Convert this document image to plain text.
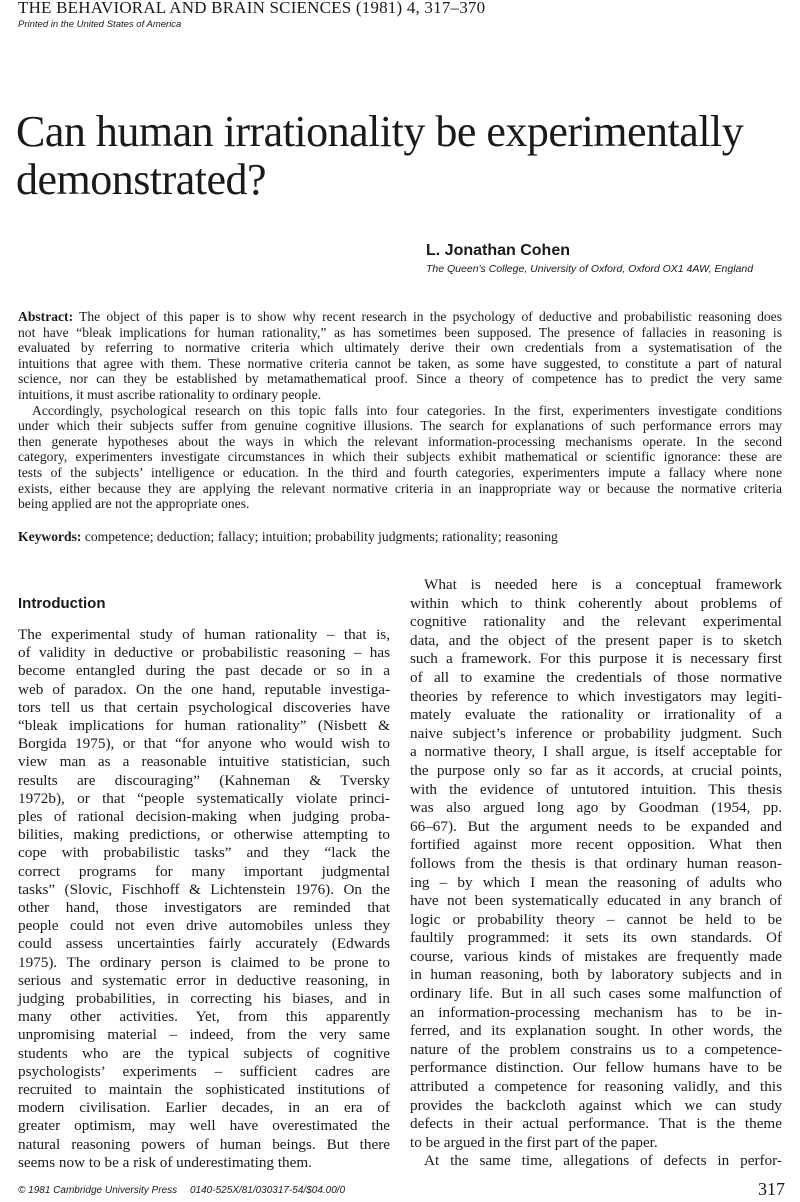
THE BEHAVIORAL AND BRAIN SCIENCES (1981) 4, 317–370
Printed in the United States of America
Can human irrationality be experimentally demonstrated?
L. Jonathan Cohen
The Queen's College, University of Oxford, Oxford OX1 4AW, England
Abstract: The object of this paper is to show why recent research in the psychology of deductive and probabilistic reasoning does
not have “bleak implications for human rationality,” as has sometimes been supposed. The presence of fallacies in reasoning is
evaluated by referring to normative criteria which ultimately derive their own credentials from a systematisation of the
intuitions that agree with them. These normative criteria cannot be taken, as some have suggested, to constitute a part of natural
science, nor can they be established by metamathematical proof. Since a theory of competence has to predict the very same
intuitions, it must ascribe rationality to ordinary people.
Accordingly, psychological research on this topic falls into four categories. In the first, experimenters investigate conditions
under which their subjects suffer from genuine cognitive illusions. The search for explanations of such performance errors may
then generate hypotheses about the ways in which the relevant information-processing mechanisms operate. In the second
category, experimenters investigate circumstances in which their subjects exhibit mathematical or scientific ignorance: these are
tests of the subjects’ intelligence or education. In the third and fourth categories, experimenters impute a fallacy where none
exists, either because they are applying the relevant normative criteria in an inappropriate way or because the normative criteria
being applied are not the appropriate ones.
Keywords: competence; deduction; fallacy; intuition; probability judgments; rationality; reasoning
Introduction
The experimental study of human rationality – that is,
of validity in deductive or probabilistic reasoning – has
become entangled during the past decade or so in a
web of paradox. On the one hand, reputable investiga-
tors tell us that certain psychological discoveries have
“bleak implications for human rationality” (Nisbett &
Borgida 1975), or that “for anyone who would wish to
view man as a reasonable intuitive statistician, such
results are discouraging” (Kahneman & Tversky
1972b), or that “people systematically violate princi-
ples of rational decision-making when judging proba-
bilities, making predictions, or otherwise attempting to
cope with probabilistic tasks” and they “lack the
correct programs for many important judgmental
tasks” (Slovic, Fischhoff & Lichtenstein 1976). On the
other hand, those investigators are reminded that
people could not even drive automobiles unless they
could assess uncertainties fairly accurately (Edwards
1975). The ordinary person is claimed to be prone to
serious and systematic error in deductive reasoning, in
judging probabilities, in correcting his biases, and in
many other activities. Yet, from this apparently
unpromising material – indeed, from the very same
students who are the typical subjects of cognitive
psychologists’ experiments – sufficient cadres are
recruited to maintain the sophisticated institutions of
modern civilisation. Earlier decades, in an era of
greater optimism, may well have overestimated the
natural reasoning powers of human beings. But there
seems now to be a risk of underestimating them.
What is needed here is a conceptual framework
within which to think coherently about problems of
cognitive rationality and the relevant experimental
data, and the object of the present paper is to sketch
such a framework. For this purpose it is necessary first
of all to examine the credentials of those normative
theories by reference to which investigators may legiti-
mately evaluate the rationality or irrationality of a
naive subject’s inference or probability judgment. Such
a normative theory, I shall argue, is itself acceptable for
the purpose only so far as it accords, at crucial points,
with the evidence of untutored intuition. This thesis
was also argued long ago by Goodman (1954, pp.
66–67). But the argument needs to be expanded and
fortified against more recent opposition. What then
follows from the thesis is that ordinary human reason-
ing – by which I mean the reasoning of adults who
have not been systematically educated in any branch of
logic or probability theory – cannot be held to be
faultily programmed: it sets its own standards. Of
course, various kinds of mistakes are frequently made
in human reasoning, both by laboratory subjects and in
ordinary life. But in all such cases some malfunction of
an information-processing mechanism has to be in-
ferred, and its explanation sought. In other words, the
nature of the problem constrains us to a competence-
performance distinction. Our fellow humans have to be
attributed a competence for reasoning validly, and this
provides the backcloth against which we can study
defects in their actual performance. That is the theme
to be argued in the first part of the paper.
At the same time, allegations of defects in perfor-
© 1981 Cambridge University Press 0140-525X/81/030317-54/$04.00/0	317
